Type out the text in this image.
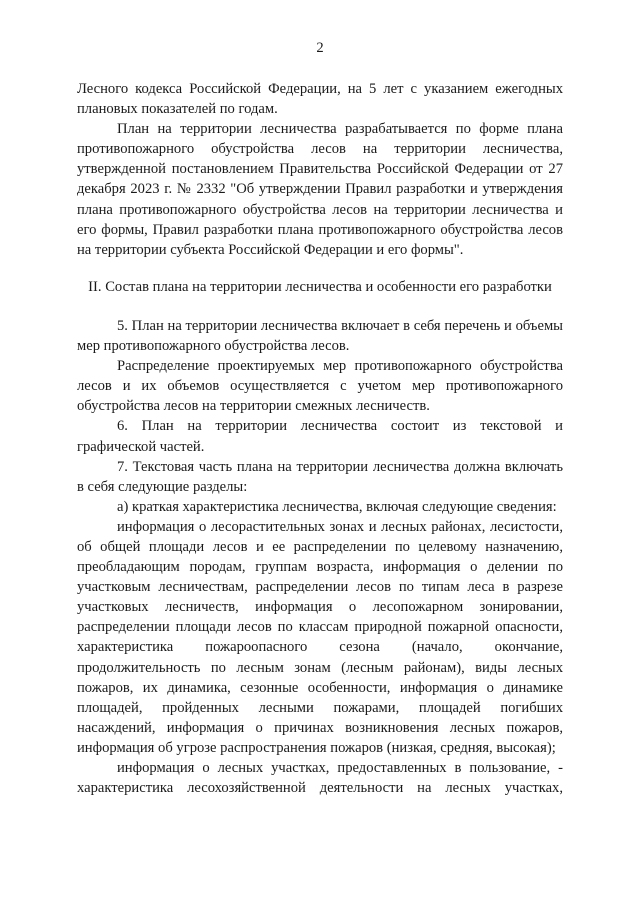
2

Лесного кодекса Российской Федерации, на 5 лет с указанием ежегодных плановых показателей по годам.

План на территории лесничества разрабатывается по форме плана противопожарного обустройства лесов на территории лесничества, утвержденной постановлением Правительства Российской Федерации от 27 декабря 2023 г. № 2332 "Об утверждении Правил разработки и утверждения плана противопожарного обустройства лесов на территории лесничества и его формы, Правил разработки плана противопожарного обустройства лесов на территории субъекта Российской Федерации и его формы".

II. Состав плана на территории лесничества и особенности его разработки

5. План на территории лесничества включает в себя перечень и объемы мер противопожарного обустройства лесов.

Распределение проектируемых мер противопожарного обустройства лесов и их объемов осуществляется с учетом мер противопожарного обустройства лесов на территории смежных лесничеств.

6. План на территории лесничества состоит из текстовой и графической частей.

7. Текстовая часть плана на территории лесничества должна включать в себя следующие разделы:

а) краткая характеристика лесничества, включая следующие сведения:

информация о лесорастительных зонах и лесных районах, лесистости, об общей площади лесов и ее распределении по целевому назначению, преобладающим породам, группам возраста, информация о делении по участковым лесничествам, распределении лесов по типам леса в разрезе участковых лесничеств, информация о лесопожарном зонировании, распределении площади лесов по классам природной пожарной опасности, характеристика пожароопасного сезона (начало, окончание, продолжительность по лесным зонам (лесным районам), виды лесных пожаров, их динамика, сезонные особенности, информация о динамике площадей, пройденных лесными пожарами, площадей погибших насаждений, информация о причинах возникновения лесных пожаров, информация об угрозе распространения пожаров (низкая, средняя, высокая);

информация о лесных участках, предоставленных в пользование, - характеристика лесохозяйственной деятельности на лесных участках,
